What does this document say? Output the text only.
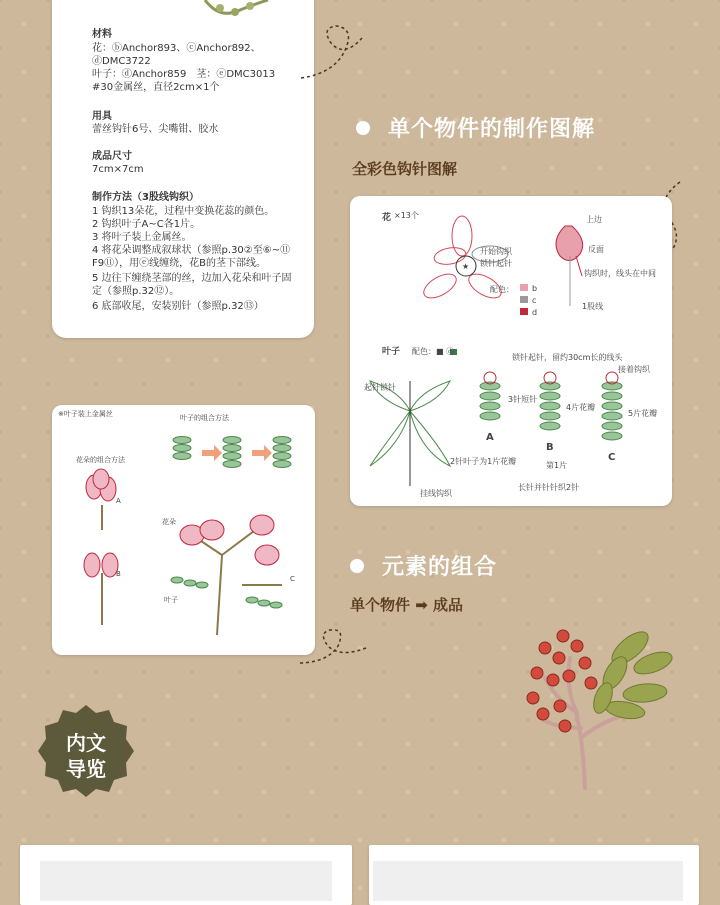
材料
花：ⓑAnchor893、ⓒAnchor892、
ⓓDMC3722
叶子：ⓓAnchor859　茎：ⓔDMC3013
#30金属丝，直径2cm×1个
用具
蕾丝钩针6号、尖嘴钳、胶水
成品尺寸
7cm×7cm
制作方法（3股线钩织）
1 钩织13朵花，过程中变换花蕊的颜色。
2 钩织叶子A~C各1片。
3 将叶子装上金属丝。
4 将花朵调整成叙球状（参照p.30②至⑥~⑪
F9⑪），用ⓔ线缠绕，花B的茎下部线。
5 边往下缠绕茎部的丝，边加入花朵和叶子固
定（参照p.32⑫）。
6 底部收尾，安装别针（参照p.32⑬）
单个物件的制作图解
全彩色钩针图解
花 ×13个
开始钩织
锁针起针
★
配色： b
c
d
上边
反面
钩织时，线头在中间
1股线
叶子 配色：■ ⓓ
锁针起针，留约30cm长的线头
起针锁针
A
B
C
3针短针
4片花瓣
5片花瓣
2针叶子为1片花瓣	第1片
挂线钩织
接着钩织
长针并针针织2针
※叶子装上金属丝
花朵的组合方法
叶子的组合方法
A
B
C
花朵
叶子
元素的组合
单个物件 ➡ 成品
内文
导览
